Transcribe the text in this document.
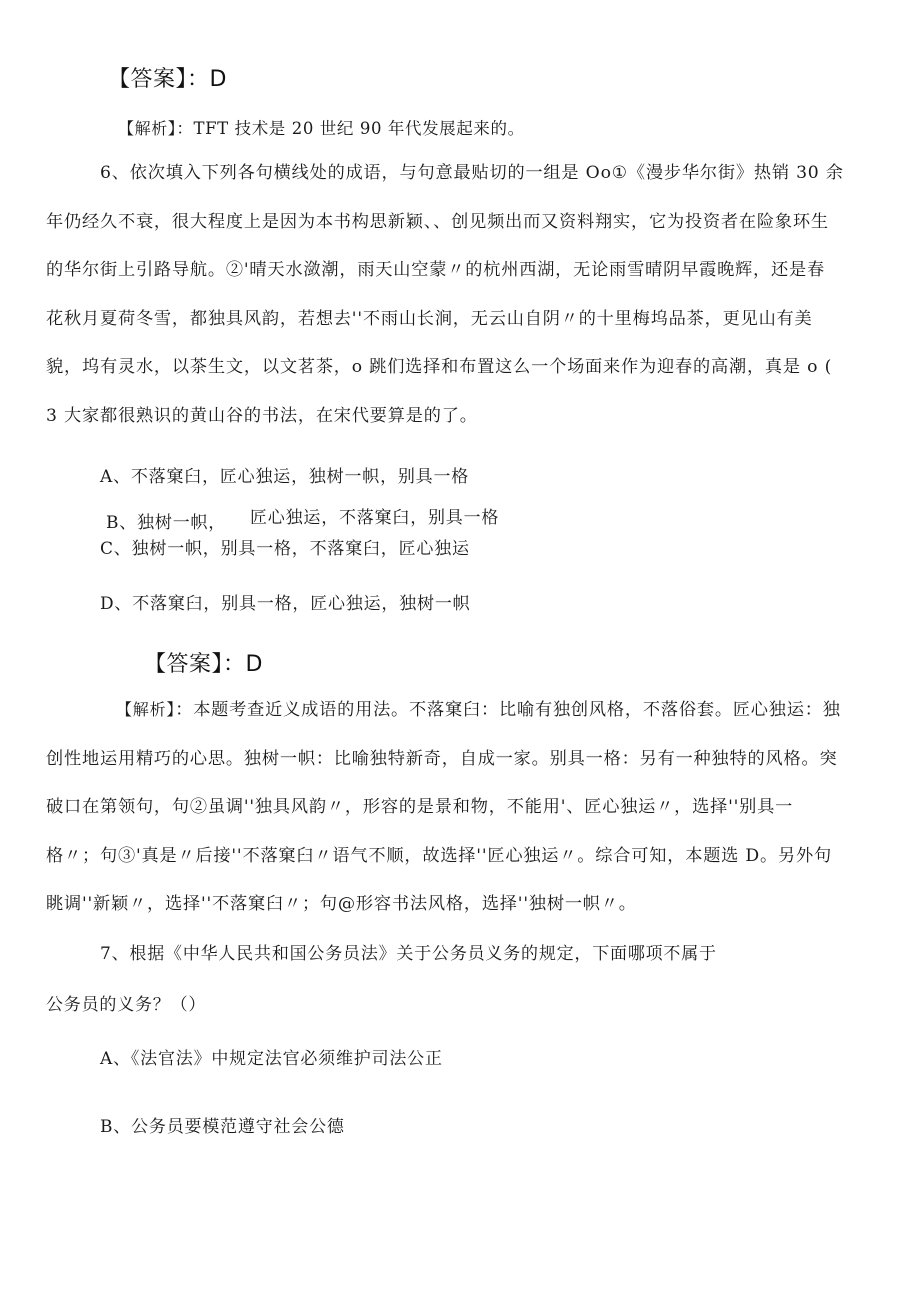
【答案】：D
【解析】：TFT 技术是 20 世纪 90 年代发展起来的。
6、依次填入下列各句横线处的成语，与句意最贴切的一组是 Oo①《漫步华尔街》热销 30 余
年仍经久不衰，很大程度上是因为本书构思新颖、、创见频出而又资料翔实，它为投资者在险象环生
的华尔街上引路导航。②'晴天水潋潮，雨天山空蒙〃的杭州西湖，无论雨雪晴阴早霞晚辉，还是春
花秋月夏荷冬雪，都独具风韵，若想去''不雨山长涧，无云山自阴〃的十里梅坞品茶，更见山有美
貌，坞有灵水，以茶生文，以文茗茶，o 跳们选择和布置这么一个场面来作为迎春的高潮，真是 o (
3 大家都很熟识的黄山谷的书法，在宋代要算是的了。
A、不落窠臼，匠心独运，独树一帜，别具一格
B、独树一帜， 匠心独运，不落窠臼，别具一格
C、独树一帜，别具一格，不落窠臼，匠心独运
D、不落窠臼，别具一格，匠心独运，独树一帜
【答案】：D
【解析】：本题考查近义成语的用法。不落窠臼：比喻有独创风格，不落俗套。匠心独运：独
创性地运用精巧的心思。独树一帜：比喻独特新奇，自成一家。别具一格：另有一种独特的风格。突
破口在第领句，句②虽调''独具风韵〃，形容的是景和物，不能用'、匠心独运〃，选择''别具一
格〃；句③'真是〃后接''不落窠臼〃语气不顺，故选择''匠心独运〃。综合可知，本题选 D。另外句
眺调''新颖〃，选择''不落窠臼〃；句@形容书法风格，选择''独树一帜〃。
7、根据《中华人民共和国公务员法》关于公务员义务的规定，下面哪项不属于
公务员的义务？（）
A、《法官法》中规定法官必须维护司法公正
B、公务员要模范遵守社会公德
